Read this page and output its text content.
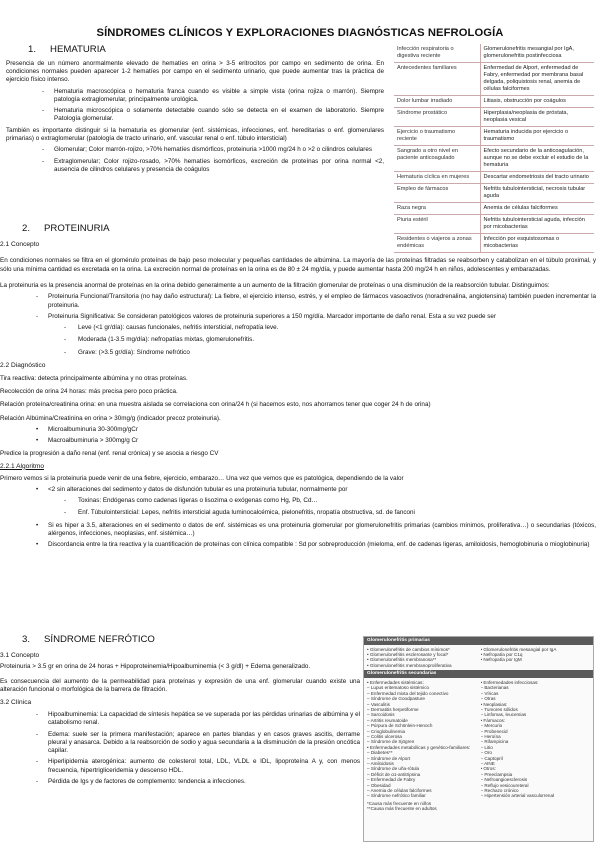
SÍNDROMES CLÍNICOS Y EXPLORACIONES DIAGNÓSTICAS NEFROLOGÍA
1. HEMATURIA

Presencia de un número anormalmente elevado de hematíes en orina > 3-5 eritrocitos por campo en sedimento de orina. En condiciones normales pueden aparecer 1-2 hematíes por campo en el sedimento urinario, que puede aumentar tras la práctica de ejercicio físico intenso.

- Hematuria macroscópica o hematuria franca cuando es visible a simple vista (orina rojiza o marrón). Siempre patología extraglomerular, principalmente urológica.
- Hematuria microscópica o solamente detectable cuando sólo se detecta en el examen de laboratorio. Siempre Patología glomerular.

También es importante distinguir si la hematuria es glomerular (enf. sistémicas, infecciones, enf. hereditarias o enf. glomerulares primarias) o extraglomerular (patología de tracto urinario, enf. vascular renal o enf. túbulo intersticial)

- Glomerular; Color marrón-rojizo, >70% hematíes dismórficos, proteinuria >1000 mg/24 h o >2 o cilindros celulares
- Extraglomerular; Color rojizo-rosado, >70% hematíes isomórficos, excreción de proteínas por orina normal <2, ausencia de cilindros celulares y presencia de coágulos
Infección respiratoria o digestiva reciente	Glomerulonefritis mesangial por IgA, glomerulonefritis postinfecciosa
Antecedentes familiares	Enfermedad de Alport, enfermedad de Fabry, enfermedad por membrana basal delgada, poliquistosis renal, anemia de células falciformes
Dolor lumbar irradiado	Litiasis, obstrucción por coágulos
Síndrome prostático	Hiperplasia/neoplasia de próstata, neoplasia vesical
Ejercicio o traumatismo reciente	Hematuria inducida por ejercicio o traumatismo
Sangrado a otro nivel en paciente anticoagulado	Efecto secundario de la anticoagulación, aunque no se debe excluir el estudio de la hematuria
Hematuria cíclica en mujeres	Descartar endometriosis del tracto urinario
Empleo de fármacos	Nefritis tubulointersticial, necrosis tubular aguda
Raza negra	Anemia de células falciformes
Piuria estéril	Nefritis tubulointersticial aguda, infección por micobacterias
Residentes o viajeros a zonas endémicas	Infección por esquistosomas o micobacterias
2. PROTEINURIA
2.1 Concepto

En condiciones normales se filtra en el glomérulo proteínas de bajo peso molecular y pequeñas cantidades de albúmina. La mayoría de las proteínas filtradas se reabsorben y catabolizan en el túbulo proximal, y sólo una mínima cantidad es excretada en la orina. La excreción normal de proteínas en la orina es de 80 ± 24 mg/día, y puede aumentar hasta 200 mg/24 h en niños, adolescentes y embarazadas.

La proteinuria es la presencia anormal de proteínas en la orina debido generalmente a un aumento de la filtración glomerular de proteínas o una disminución de la reabsorción tubular. Distinguimos:

- Proteinuria Funcional/Transitoria (no hay daño estructural): La fiebre, el ejercicio intenso, estrés, y el empleo de fármacos vasoactivos (noradrenalina, angiotensina) también pueden incrementar la proteinuria.
- Proteinuria Significativa: Se consideran patológicos valores de proteinuria superiores a 150 mg/día. Marcador importante de daño renal. Esta a su vez puede ser
- Leve (<1 gr/día): causas funcionales, nefritis intersticial, nefropatía leve.
- Moderada (1-3.5 mg/día): nefropatías mixtas, glomerulonefritis.
- Grave: (>3.5 gr/día): Síndrome nefrótico
2.2 Diagnóstico

Tira reactiva: detecta principalmente albúmina y no otras proteínas.

Recolección de orina 24 horas: más precisa pero poco práctica.

Relación proteína/creatinina orina: en una muestra aislada se correlaciona con orina/24 h (si hacemos esto, nos ahorramos tener que coger 24 h de orina)

Relación Albúmina/Creatinina en orina > 30mg/g (indicador precoz proteinuria).

• Microalbuminuria 30-300mg/gCr
• Macroalbuminuria > 300mg/g Cr

Predice la progresión a daño renal (enf. renal crónica) y se asocia a riesgo CV

2.2.1 Algoritmo

Primero vemos si la proteinuria puede venir de una fiebre, ejercicio, embarazo… Una vez que vemos que es patológica, dependiendo de la valor

• <2 sin alteraciones del sedimento y datos de disfunción tubular es una proteinuria tubular, normalmente por
- Toxinas: Endógenas como cadenas ligeras o lisozima o exógenas como Hg, Pb, Cd…
- Enf. Túbulointersticial: Lepes, nefritis intersticial aguda luminocalcémica, pielonefritis, nropatía obstructiva, sd. de fanconi
• Si es hiper a 3.5, alteraciones en el sedimento o datos de enf. sistémicas es una proteinuria glomerular por glomerulonefritis primarias (cambios mínimos, proliferativa…) o secundarias (tóxicos, alérgenos, infecciones, neoplasias, enf. sistémica…)
• Discordancia entre la tira reactiva y la cuantificación de proteínas con clínica compatible : Sd por sobreproducción (mieloma, enf. de cadenas ligeras, amiloidosis, hemoglobinuria o mioglobinuria)
3. SÍNDROME NEFRÓTICO
3.1 Concepto

Proteinuria > 3.5 gr en orina de 24 horas + Hipoproteinemia/Hipoalbuminemia (< 3 g/dl) + Edema generalizado.

Es consecuencia del aumento de la permeabilidad para proteínas y expresión de una enf. glomerular cuando existe una alteración funcional o morfológica de la barrera de filtración.

3.2 Clínica
- Hipoalbuminemia: La capacidad de síntesis hepática se ve superada por las pérdidas urinarias de albúmina y el catabolismo renal.
- Edema: suele ser la primera manifestación; aparece en partes blandas y en casos graves ascitis, derrame pleural y anasarca. Debido a la reabsorción de sodio y agua secundaria a la disminución de la presión oncótica capilar.
- Hiperlipidemia aterogénica: aumento de colesterol total, LDL, VLDL e IDL, lipoproteína A y, con menos frecuencia, hipertrigliceridemia y descenso HDL.
- Pérdida de Igs y de factores de complemento: tendencia a infecciones.
Glomerulonefritis primarias
• Glomerulonefritis de cambios mínimos*
• Glomerulonefritis esclerosante y focal*
• Glomerulonefritis membranosa**
• Glomerulonefritis membranoproliferativa
• Glomerulonefritis mesangial por IgA
• Nefropatía por C1q
• Nefropatía por IgM
Glomerulonefritis secundarias
• Enfermedades sistémicas:
– Lupus eritematoso sistémico
– Enfermedad mixta del tejido conectivo
– Síndrome de Goodpasture
– Vasculitis
– Dermatitis herpetiforme
– Sarcoidosis
– Artritis reumatoide
– Púrpura de Schönlein-Henoch
– Crioglobulinemia
– Colitis ulcerosa
– Síndrome de Sjögren
• Enfermedades metabólicas y genético-familiares:
– Diabetes**
– Síndrome de Alport
– Amiloidosis
– Síndrome de uña-rótula
– Déficit de α1-antitripsina
– Enfermedad de Fabry
– Obesidad
– Anemia de células falciformes
– Síndrome nefrótico familiar
• Enfermedades infecciosas:
– Bacterianas
– Víricas
– Otras
• Neoplasias:
– Tumores sólidos
– Linfomas, leucemias
• Fármacos:
– Mercurio
– Probenecid
– Heroína
– Rifampicina
– Litio
– Oro
– Captopril
– AINE
• Otros:
– Preeclampsia
– Nefroangioesclerosis
– Reflujo vesicoureteral
– Rechazo crónico
– Hipertensión arterial vasculorrenal
*Causa más frecuente en niños
**Causa más frecuente en adultos
